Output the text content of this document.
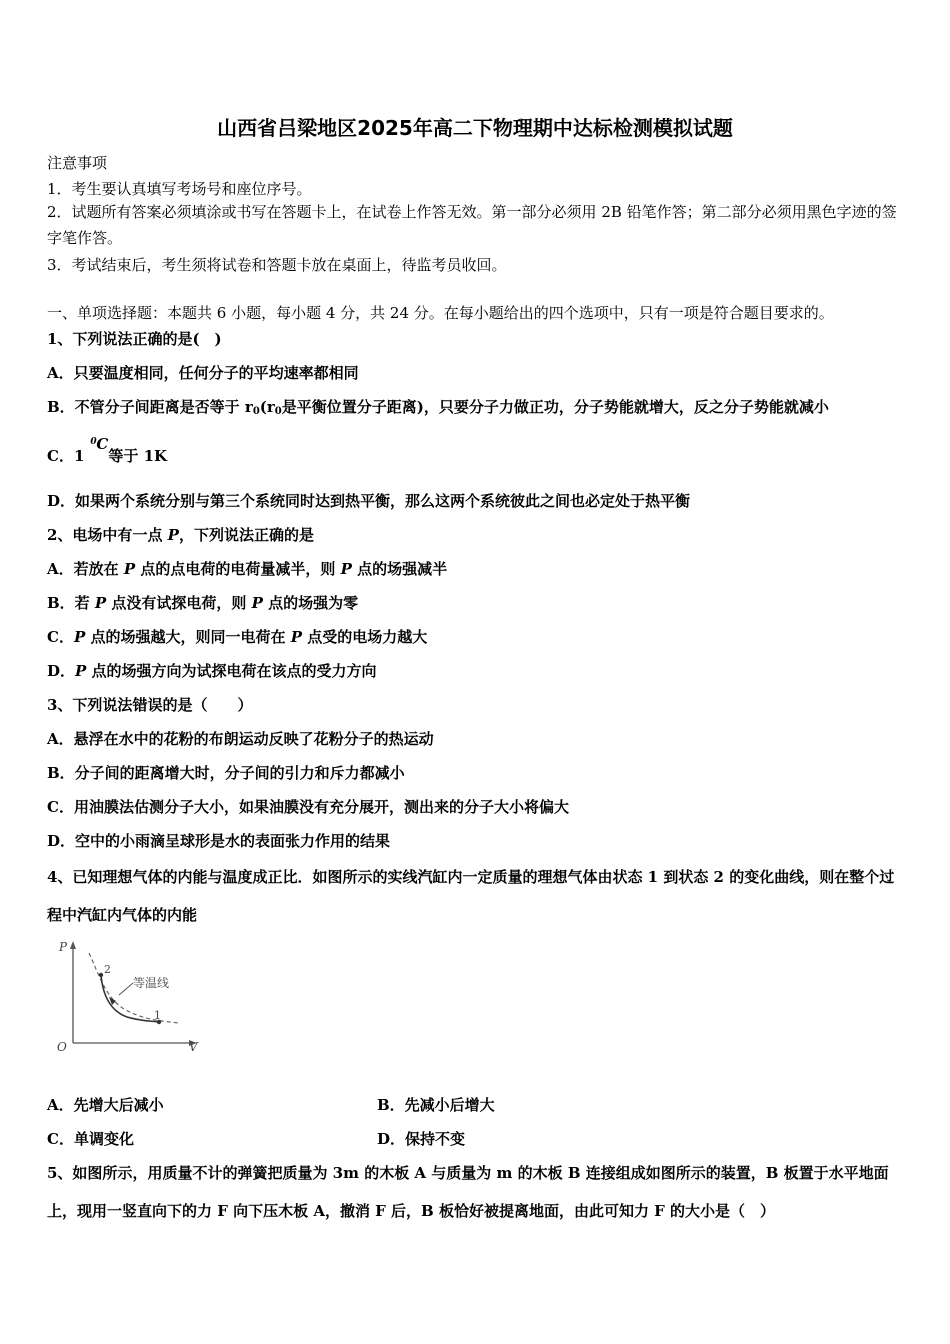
山西省吕梁地区2025年高二下物理期中达标检测模拟试题
注意事项
1．考生要认真填写考场号和座位序号。
2．试题所有答案必须填涂或书写在答题卡上，在试卷上作答无效。第一部分必须用 2B 铅笔作答；第二部分必须用黑色字迹的签字笔作答。
3．考试结束后，考生须将试卷和答题卡放在桌面上，待监考员收回。
一、单项选择题：本题共 6 小题，每小题 4 分，共 24 分。在每小题给出的四个选项中，只有一项是符合题目要求的。
1、下列说法正确的是(　)
A．只要温度相同，任何分子的平均速率都相同
B．不管分子间距离是否等于 $r_0(r_0$是平衡位置分子距离)，只要分子力做正功，分子势能就增大，反之分子势能就减小
C．1
0 C
等于 1K
D．如果两个系统分别与第三个系统同时达到热平衡，那么这两个系统彼此之间也必定处于热平衡
2、电场中有一点 P，下列说法正确的是
A．若放在 P 点的点电荷的电荷量减半，则 P 点的场强减半
B．若 P 点没有试探电荷，则 P 点的场强为零
C．P 点的场强越大，则同一电荷在 P 点受的电场力越大
D．P 点的场强方向为试探电荷在该点的受力方向
3、下列说法错误的是（　　）
A．悬浮在水中的花粉的布朗运动反映了花粉分子的热运动
B．分子间的距离增大时，分子间的引力和斥力都减小
C．用油膜法估测分子大小，如果油膜没有充分展开，测出来的分子大小将偏大
D．空中的小雨滴呈球形是水的表面张力作用的结果
4、已知理想气体的内能与温度成正比．如图所示的实线汽缸内一定质量的理想气体由状态 1 到状态 2 的变化曲线，则在整个过程中汽缸内气体的内能
P
O	V
2
1
等温线
A．先增大后减小	B．先减小后增大
C．单调变化	D．保持不变
5、如图所示，用质量不计的弹簧把质量为 3m 的木板 A 与质量为 m 的木板 B 连接组成如图所示的装置，B 板置于水平地面上，现用一竖直向下的力 F 向下压木板 A，撤消 F 后，B 板恰好被提离地面，由此可知力 F 的大小是（　）
